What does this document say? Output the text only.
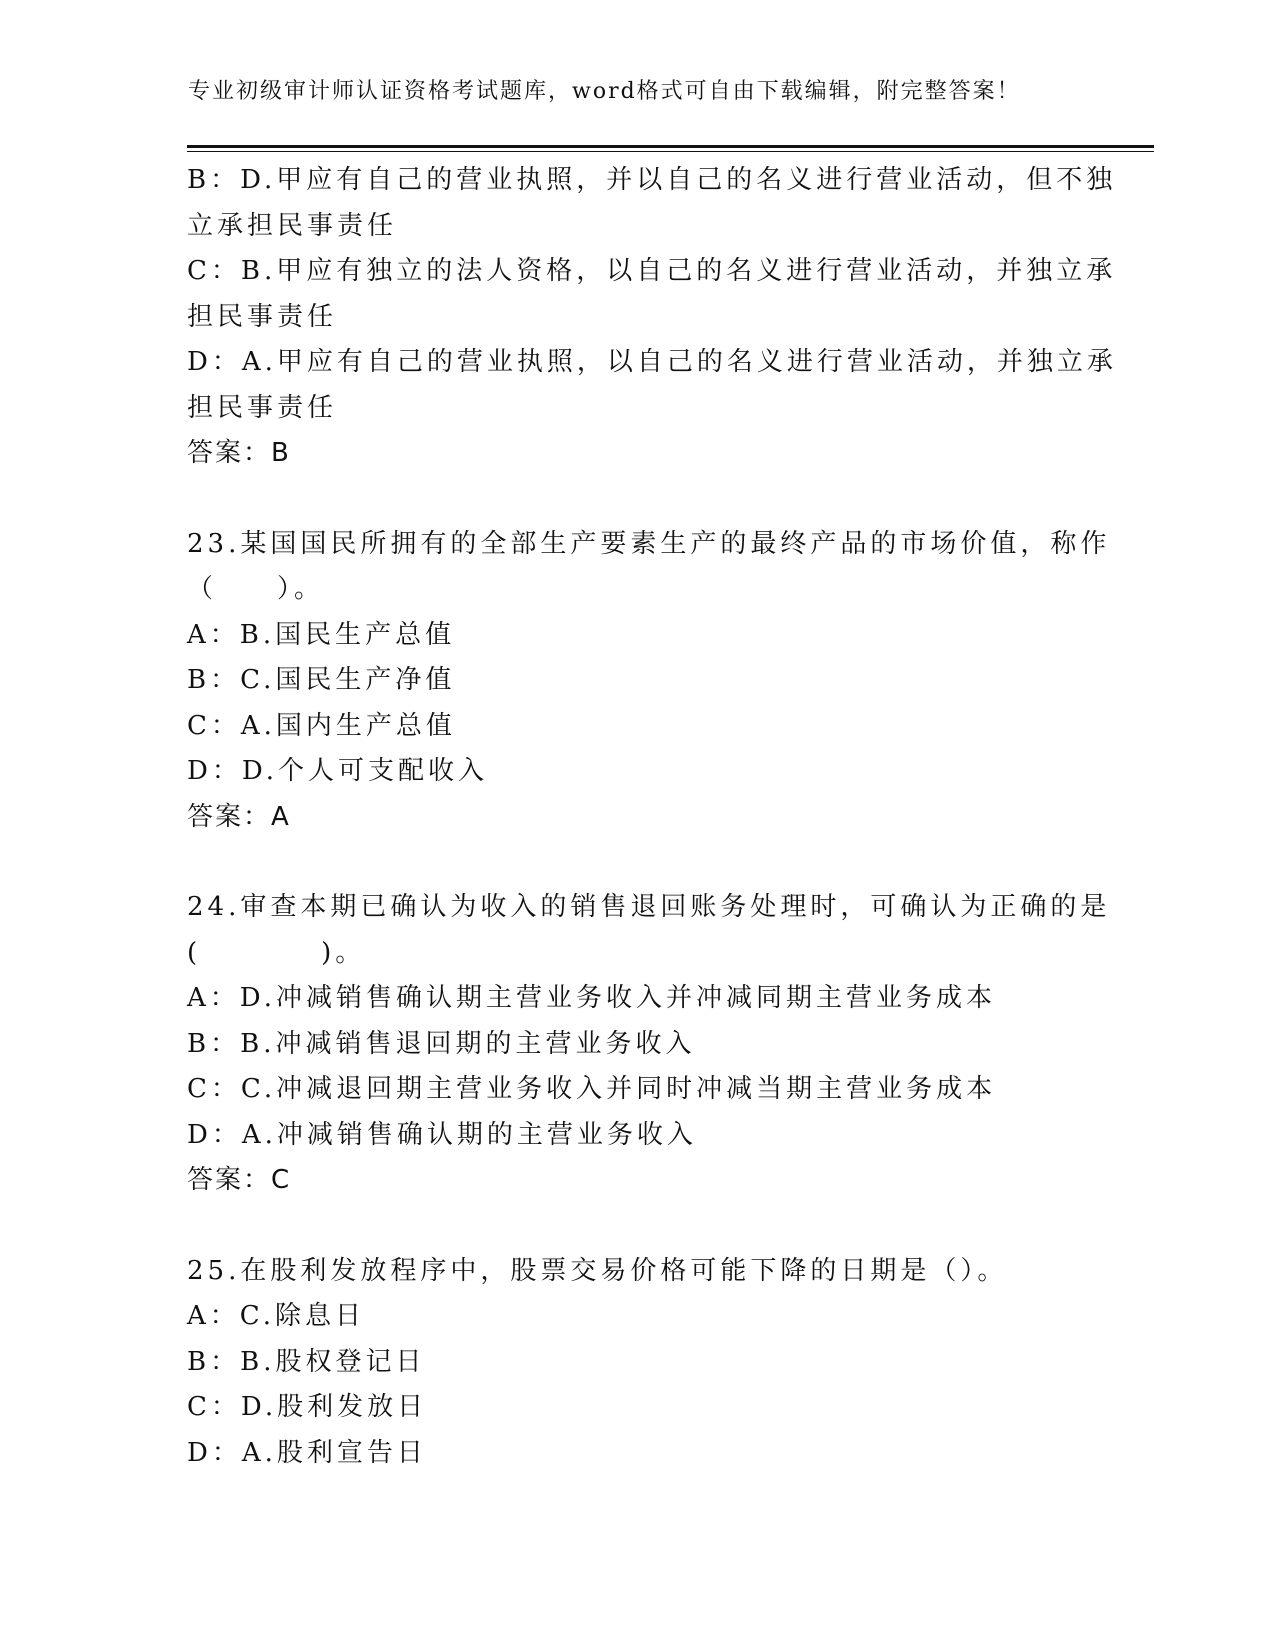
专业初级审计师认证资格考试题库，word格式可自由下载编辑，附完整答案！

B：D.甲应有自己的营业执照，并以自己的名义进行营业活动，但不独

立承担民事责任

C：B.甲应有独立的法人资格，以自己的名义进行营业活动，并独立承

担民事责任

D：A.甲应有自己的营业执照，以自己的名义进行营业活动，并独立承

担民事责任

答案：B

23.某国国民所拥有的全部生产要素生产的最终产品的市场价值，称作

（　　）。

A：B.国民生产总值

B：C.国民生产净值

C：A.国内生产总值

D：D.个人可支配收入

答案：A

24.审查本期已确认为收入的销售退回账务处理时，可确认为正确的是

(　　　　)。

A：D.冲减销售确认期主营业务收入并冲减同期主营业务成本

B：B.冲减销售退回期的主营业务收入

C：C.冲减退回期主营业务收入并同时冲减当期主营业务成本

D：A.冲减销售确认期的主营业务收入

答案：C

25.在股利发放程序中，股票交易价格可能下降的日期是（）。

A：C.除息日

B：B.股权登记日

C：D.股利发放日

D：A.股利宣告日
